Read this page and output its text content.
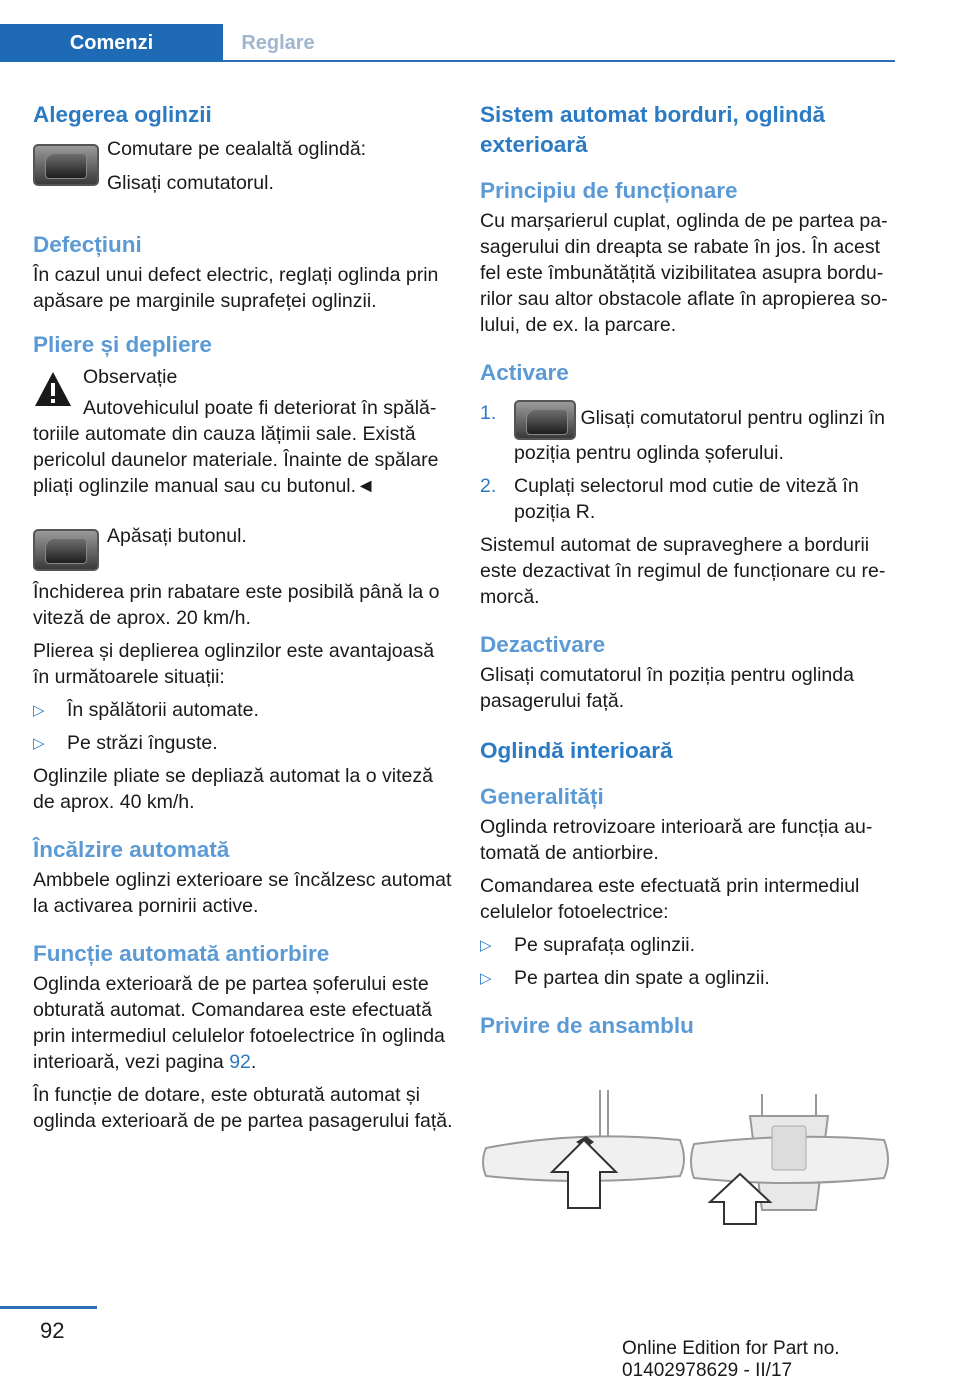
Comenzi	Reglare
Alegerea oglinzii
Comutare pe cealaltă oglindă:
Glisați comutatorul.
Defecțiuni
În cazul unui defect electric, reglați oglinda prin apăsare pe marginile suprafeței oglinzii.
Pliere și depliere
Observație
Autovehiculul poate fi deteriorat în spălă-
toriile automate din cauza lățimii sale. Există pericolul daunelor materiale. Înainte de spălare pliați oglinzile manual sau cu butonul.◄
Apăsați butonul.
Închiderea prin rabatare este posibilă până la o viteză de aprox. 20 km/h.
Plierea și deplierea oglinzilor este avantajoasă în următoarele situații:
▷	În spălătorii automate.
▷	Pe străzi înguste.
Oglinzile pliate se depliază automat la o viteză de aprox. 40 km/h.
Încălzire automată
Ambbele oglinzi exterioare se încălzesc automat la activarea pornirii active.
Funcție automată antiorbire
Oglinda exterioară de pe partea șoferului este obturată automat. Comandarea este efectuată prin intermediul celulelor fotoelectrice în oglinda interioară, vezi pagina 92.
În funcție de dotare, este obturată automat și oglinda exterioară de pe partea pasagerului față.
Sistem automat borduri, oglindă exterioară
Principiu de funcționare
Cu marșarierul cuplat, oglinda de pe partea pasagerului din dreapta se rabate în jos. În acest fel este îmbunătățită vizibilitatea asupra bordurilor sau altor obstacole aflate în apropierea solului, de ex. la parcare.
Activare
1.	Glisați comutatorul pentru oglinzi în poziția pentru oglinda șoferului.
2. Cuplați selectorul mod cutie de viteză în poziția R.
Sistemul automat de supraveghere a bordurii este dezactivat în regimul de funcționare cu remorcă.
Dezactivare
Glisați comutatorul în poziția pentru oglinda pasagerului față.
Oglindă interioară
Generalități
Oglinda retrovizoare interioară are funcția automată de antiorbire.
Comandarea este efectuată prin intermediul celulelor fotoelectrice:
▷	Pe suprafața oglinzii.
▷	Pe partea din spate a oglinzii.
Privire de ansamblu
92
Online Edition for Part no. 01402978629 - II/17
